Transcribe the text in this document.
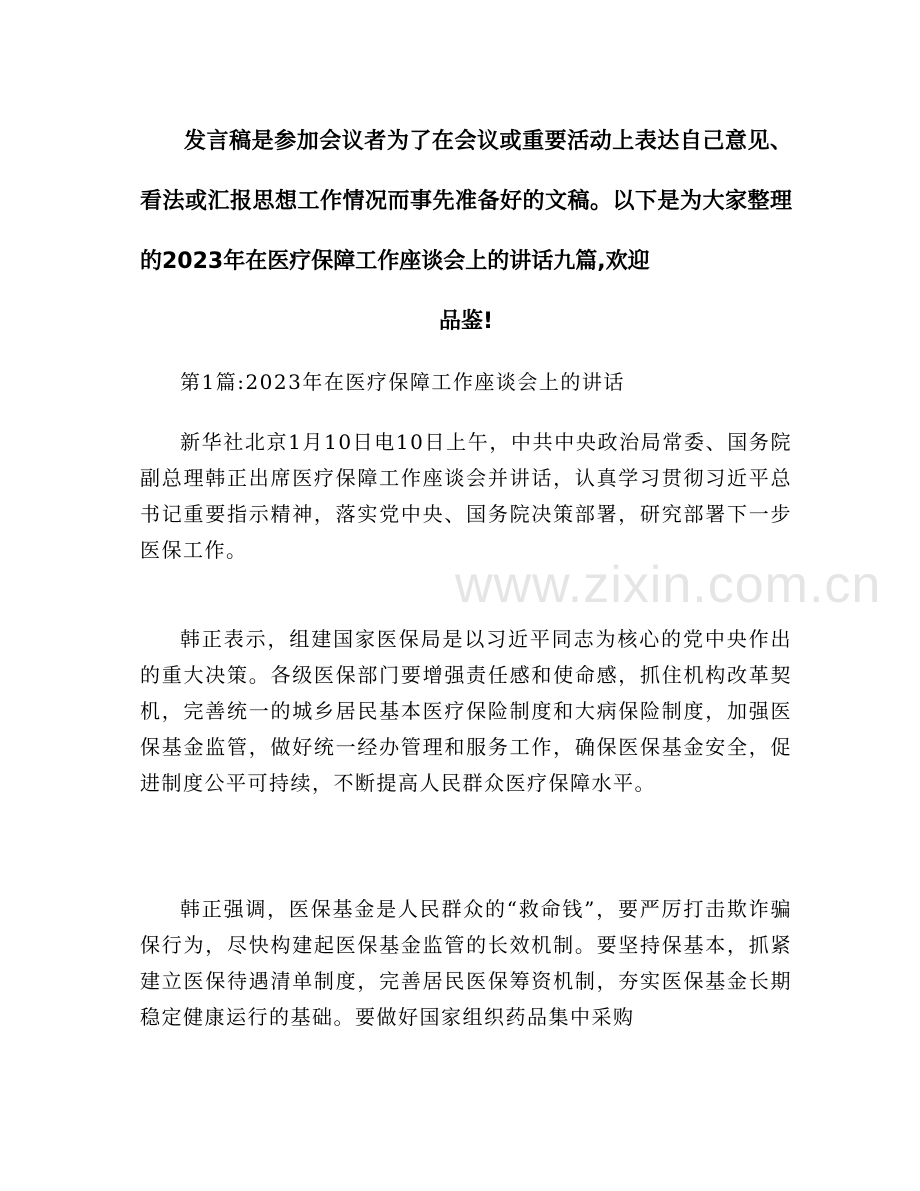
发言稿是参加会议者为了在会议或重要活动上表达自己意见、看法或汇报思想工作情况而事先准备好的文稿。以下是为大家整理的2023年在医疗保障工作座谈会上的讲话九篇,欢迎
品鉴!

第1篇:2023年在医疗保障工作座谈会上的讲话

新华社北京1月10日电10日上午，中共中央政治局常委、国务院副总理韩正出席医疗保障工作座谈会并讲话，认真学习贯彻习近平总书记重要指示精神，落实党中央、国务院决策部署，研究部署下一步医保工作。

韩正表示，组建国家医保局是以习近平同志为核心的党中央作出的重大决策。各级医保部门要增强责任感和使命感，抓住机构改革契机，完善统一的城乡居民基本医疗保险制度和大病保险制度，加强医保基金监管，做好统一经办管理和服务工作，确保医保基金安全，促进制度公平可持续，不断提高人民群众医疗保障水平。

韩正强调，医保基金是人民群众的“救命钱”，要严厉打击欺诈骗保行为，尽快构建起医保基金监管的长效机制。要坚持保基本，抓紧建立医保待遇清单制度，完善居民医保筹资机制，夯实医保基金长期稳定健康运行的基础。要做好国家组织药品集中采购

www.zixin.com.cn
